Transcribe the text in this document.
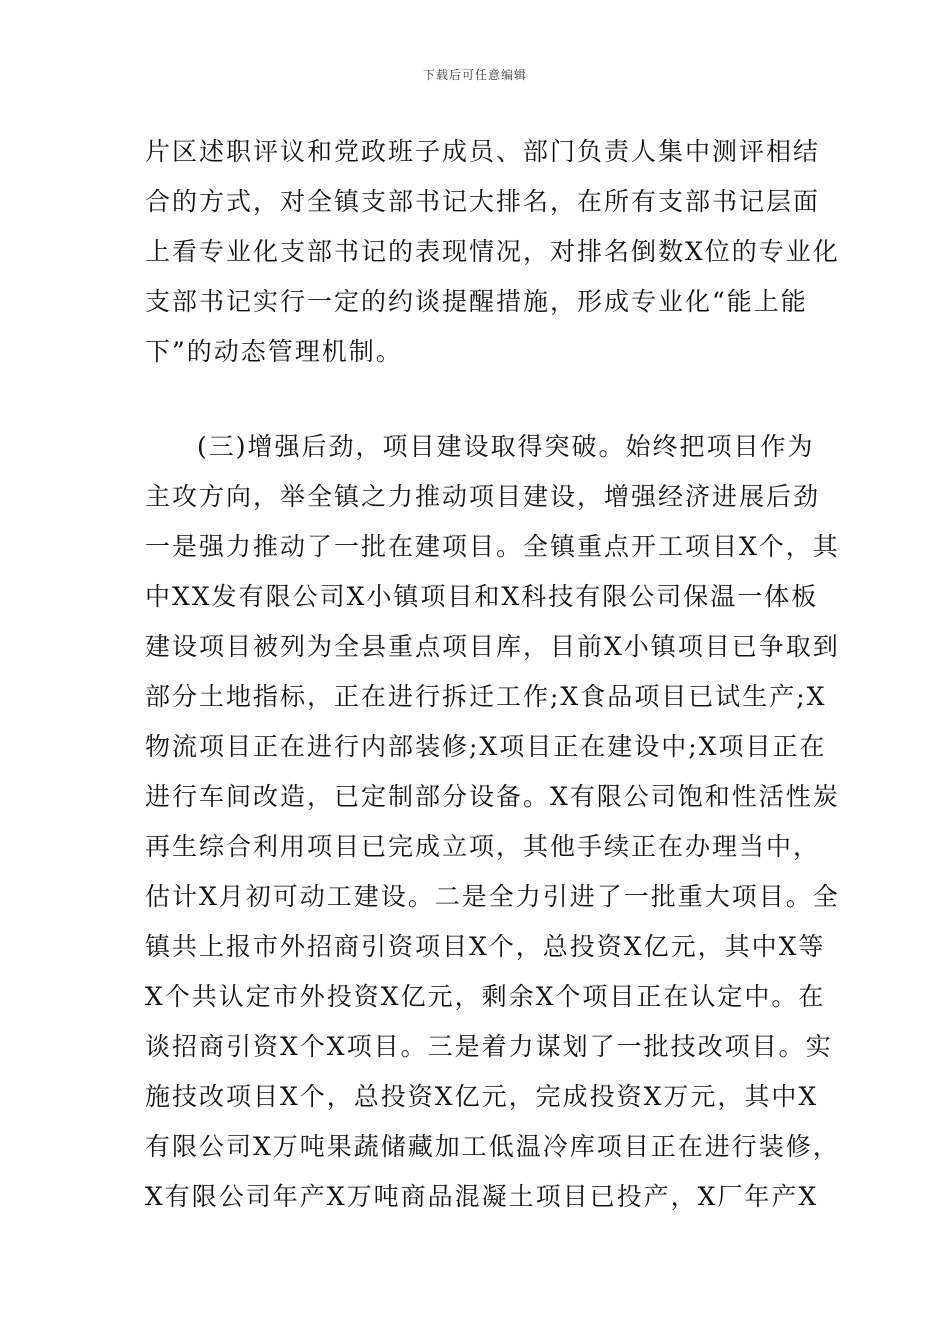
下载后可任意编辑
片区述职评议和党政班子成员、部门负责人集中测评相结
合的方式，对全镇支部书记大排名，在所有支部书记层面
上看专业化支部书记的表现情况，对排名倒数X位的专业化
支部书记实行一定的约谈提醒措施，形成专业化“能上能
下”的动态管理机制。
(三)增强后劲，项目建设取得突破。始终把项目作为
主攻方向，举全镇之力推动项目建设，增强经济进展后劲
一是强力推动了一批在建项目。全镇重点开工项目X个，其
中XX发有限公司X小镇项目和X科技有限公司保温一体板
建设项目被列为全县重点项目库，目前X小镇项目已争取到
部分土地指标，正在进行拆迁工作;X食品项目已试生产;X
物流项目正在进行内部装修;X项目正在建设中;X项目正在
进行车间改造，已定制部分设备。X有限公司饱和性活性炭
再生综合利用项目已完成立项，其他手续正在办理当中，
估计X月初可动工建设。二是全力引进了一批重大项目。全
镇共上报市外招商引资项目X个，总投资X亿元，其中X等
X个共认定市外投资X亿元，剩余X个项目正在认定中。在
谈招商引资X个X项目。三是着力谋划了一批技改项目。实
施技改项目X个，总投资X亿元，完成投资X万元，其中X
有限公司X万吨果蔬储藏加工低温冷库项目正在进行装修，
X有限公司年产X万吨商品混凝土项目已投产，X厂年产X
